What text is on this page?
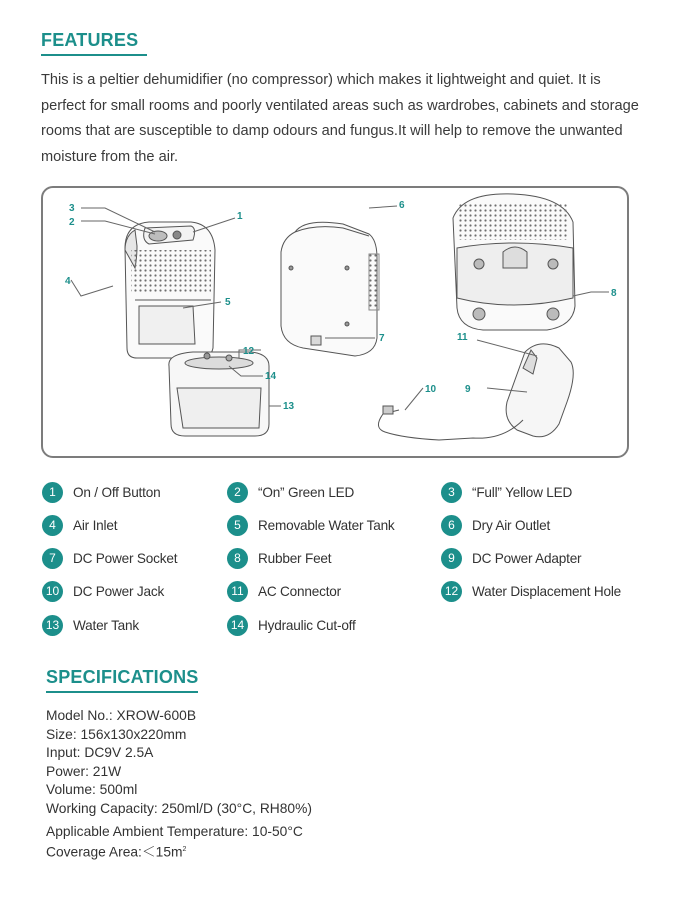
FEATURES

This is a peltier dehumidifier (no compressor) which makes it lightweight and quiet. It is perfect for small rooms and poorly ventilated areas such as wardrobes, cabinets and storage rooms that are susceptible to damp odours and fungus.It will help to remove the unwanted moisture from the air.

3
2
1
4
5
6
7
8
9
10
11
12
14
13
1	On / Off Button	2	“On” Green LED	3	“Full” Yellow LED
4	Air Inlet	5	Removable Water Tank	6	Dry Air Outlet
7	DC Power Socket	8	Rubber Feet	9	DC Power Adapter
10 DC Power Jack	11	AC Connector	12 Water Displacement Hole
13 Water Tank	14 Hydraulic Cut-off
SPECIFICATIONS
Model No.: XROW-600B
Size: 156x130x220mm
Input: DC9V 2.5A
Power: 21W
Volume: 500ml
Working Capacity: 250ml/D (30°C, RH80%)
Applicable Ambient Temperature: 10-50°C
Coverage $Area:<15m^2$
